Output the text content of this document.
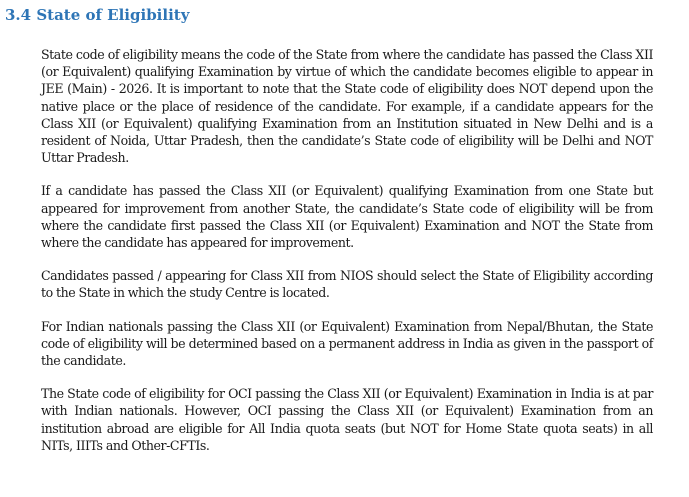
3.4 State of Eligibility

State code of eligibility means the code of the State from where the candidate has passed the Class XII (or Equivalent) qualifying Examination by virtue of which the candidate becomes eligible to appear in JEE (Main) - 2026. It is important to note that the State code of eligibility does NOT depend upon the native place or the place of residence of the candidate. For example, if a candidate appears for the Class XII (or Equivalent) qualifying Examination from an Institution situated in New Delhi and is a resident of Noida, Uttar Pradesh, then the candidate’s State code of eligibility will be Delhi and NOT Uttar Pradesh.

If a candidate has passed the Class XII (or Equivalent) qualifying Examination from one State but appeared for improvement from another State, the candidate’s State code of eligibility will be from where the candidate first passed the Class XII (or Equivalent) Examination and NOT the State from where the candidate has appeared for improvement.

Candidates passed / appearing for Class XII from NIOS should select the State of Eligibility according to the State in which the study Centre is located.

For Indian nationals passing the Class XII (or Equivalent) Examination from Nepal/Bhutan, the State code of eligibility will be determined based on a permanent address in India as given in the passport of the candidate.

The State code of eligibility for OCI passing the Class XII (or Equivalent) Examination in India is at par with Indian nationals. However, OCI passing the Class XII (or Equivalent) Examination from an institution abroad are eligible for All India quota seats (but NOT for Home State quota seats) in all NITs, IIITs and Other-CFTIs.
